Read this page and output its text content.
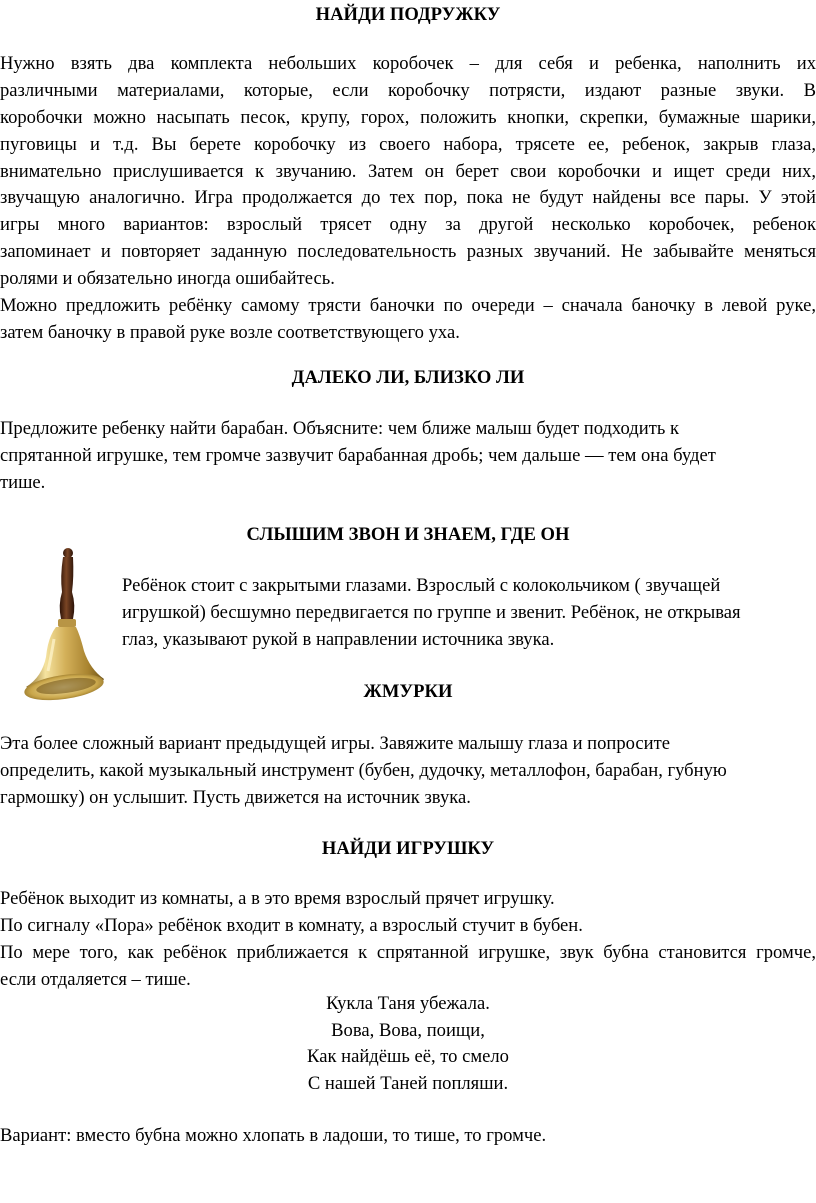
НАЙДИ ПОДРУЖКУ
Нужно взять два комплекта небольших коробочек – для себя и ребенка, наполнить их
различными материалами, которые, если коробочку потрясти, издают разные звуки. В
коробочки можно насыпать песок, крупу, горох, положить кнопки, скрепки, бумажные шарики,
пуговицы и т.д. Вы берете коробочку из своего набора, трясете ее, ребенок, закрыв глаза,
внимательно прислушивается к звучанию. Затем он берет свои коробочки и ищет среди них,
звучащую аналогично. Игра продолжается до тех пор, пока не будут найдены все пары. У этой
игры много вариантов: взрослый трясет одну за другой несколько коробочек, ребенок
запоминает и повторяет заданную последовательность разных звучаний. Не забывайте меняться
ролями и обязательно иногда ошибайтесь.
Можно предложить ребёнку самому трясти баночки по очереди – сначала баночку в левой руке,
затем баночку в правой руке возле соответствующего уха.
ДАЛЕКО ЛИ, БЛИЗКО ЛИ
Предложите ребенку найти барабан. Объясните: чем ближе малыш будет подходить к
спрятанной игрушке, тем громче зазвучит барабанная дробь; чем дальше — тем она будет
тише.
СЛЫШИМ ЗВОН И ЗНАЕМ, ГДЕ ОН
Ребёнок стоит с закрытыми глазами. Взрослый с колокольчиком ( звучащей
игрушкой) бесшумно передвигается по группе и звенит. Ребёнок, не открывая
глаз, указывают рукой в направлении источника звука.
ЖМУРКИ
Эта более сложный вариант предыдущей игры. Завяжите малышу глаза и попросите
определить, какой музыкальный инструмент (бубен, дудочку, металлофон, барабан, губную
гармошку) он услышит. Пусть движется на источник звука.
НАЙДИ ИГРУШКУ
Ребёнок выходит из комнаты, а в это время взрослый прячет игрушку.
По сигналу «Пора» ребёнок входит в комнату, а взрослый стучит в бубен.
По мере того, как ребёнок приближается к спрятанной игрушке, звук бубна становится громче,
если отдаляется – тише.
Кукла Таня убежала.
Вова, Вова, поищи,
Как найдёшь её, то смело
С нашей Таней попляши.
Вариант: вместо бубна можно хлопать в ладоши, то тише, то громче.
